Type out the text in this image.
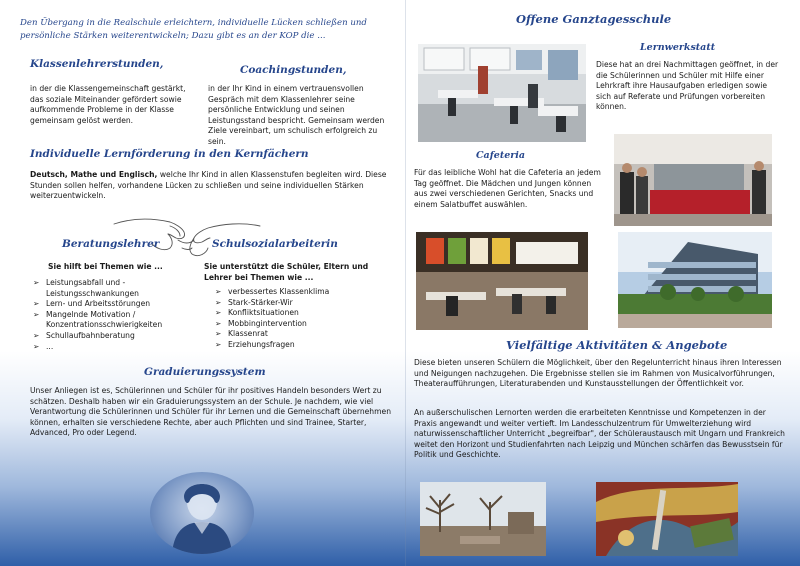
Den Übergang in die Realschule erleichtern, individuelle Lücken schließen und persönliche Stärken weiterentwickeln; Dazu gibt es an der KOP die ...

Klassenlehrerstunden,

in der die Klassengemeinschaft gestärkt, das soziale Miteinander gefördert sowie aufkommende Probleme in der Klasse gemeinsam gelöst werden.

Coachingstunden,

in der Ihr Kind in einem vertrauensvollen Gespräch mit dem Klassenlehrer seine persönliche Entwicklung und seinen Leistungsstand bespricht. Gemeinsam werden Ziele vereinbart, um schulisch erfolgreich zu sein.

Individuelle Lernförderung in den Kernfächern

Deutsch, Mathe und Englisch, welche Ihr Kind in allen Klassenstufen begleiten wird. Diese Stunden sollen helfen, vorhandene Lücken zu schließen und seine individuellen Stärken weiterzuentwickeln.

Beratungslehrer

Sie hilft bei Themen wie ...

➢ Leistungsabfall und - Leistungsschwankungen
➢ Lern- und Arbeitsstörungen
➢ Mangelnde Motivation / Konzentrationsschwierigkeiten
➢ Schullaufbahnberatung
➢ ...
Schulsozialarbeiterin

Sie unterstützt die Schüler, Eltern und Lehrer bei Themen wie ...

➢ verbessertes Klassenklima
➢ Stark-Stärker-Wir
➢ Konfliktsituationen
➢ Mobbingintervention
➢ Klassenrat
➢ Erziehungsfragen
Graduierungssystem

Unser Anliegen ist es, Schülerinnen und Schüler für ihr positives Handeln besonders Wert zu schätzen. Deshalb haben wir ein Graduierungssystem an der Schule. Je nachdem, wie viel Verantwortung die Schülerinnen und Schüler für ihr Lernen und die Gemeinschaft übernehmen können, erhalten sie verschiedene Rechte, aber auch Pflichten und sind Trainee, Starter, Advanced, Pro oder Legend.

Offene Ganztagesschule
Lernwerkstatt

Diese hat an drei Nachmittagen geöffnet, in der die Schülerinnen und Schüler mit Hilfe einer Lehrkraft ihre Hausaufgaben erledigen sowie sich auf Referate und Prüfungen vorbereiten können.

Cafeteria

Für das leibliche Wohl hat die Cafeteria an jedem Tag geöffnet. Die Mädchen und Jungen können aus zwei verschiedenen Gerichten, Snacks und einem Salatbuffet auswählen.

Vielfältige Aktivitäten & Angebote

Diese bieten unseren Schülern die Möglichkeit, über den Regelunterricht hinaus ihren Interessen und Neigungen nachzugehen. Die Ergebnisse stellen sie im Rahmen von Musicalvorführungen, Theateraufführungen, Literaturabenden und Kunstausstellungen der Öffentlichkeit vor.

An außerschulischen Lernorten werden die erarbeiteten Kenntnisse und Kompetenzen in der Praxis angewandt und weiter vertieft. Im Landesschulzentrum für Umwelterziehung wird naturwissenschaftlicher Unterricht „begreifbar", der Schüleraustausch mit Ungarn und Frankreich weitet den Horizont und Studienfahrten nach Leipzig und München schärfen das Bewusstsein für Politik und Geschichte.
